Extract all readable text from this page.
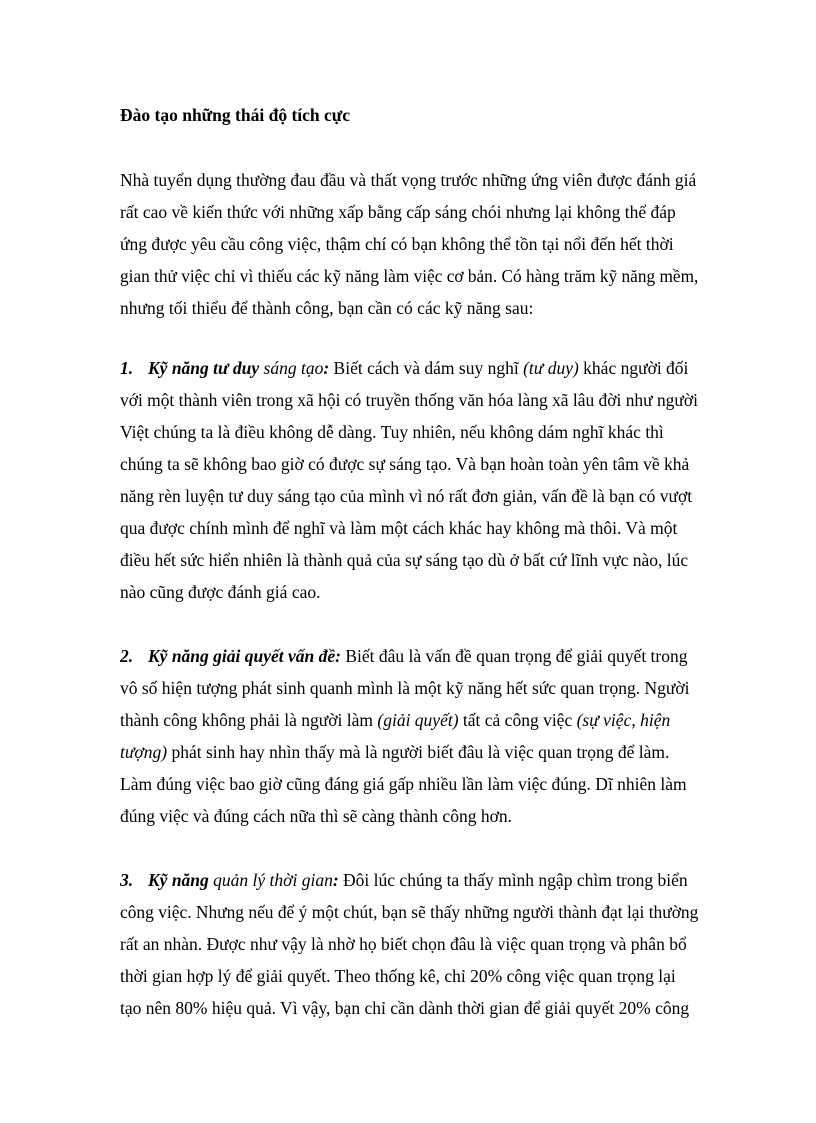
Đào tạo những thái độ tích cực
Nhà tuyển dụng thường đau đầu và thất vọng trước những ứng viên được đánh giá
rất cao về kiến thức với những xấp bằng cấp sáng chói nhưng lại không thể đáp
ứng được yêu cầu công việc, thậm chí có bạn không thể tồn tại nổi đến hết thời
gian thử việc chỉ vì thiếu các kỹ năng làm việc cơ bản. Có hàng trăm kỹ năng mềm,
nhưng tối thiểu để thành công, bạn cần có các kỹ năng sau:
1. Kỹ năng tư duy sáng tạo: Biết cách và dám suy nghĩ (tư duy) khác người đối
với một thành viên trong xã hội có truyền thống văn hóa làng xã lâu đời như người
Việt chúng ta là điều không dễ dàng. Tuy nhiên, nếu không dám nghĩ khác thì
chúng ta sẽ không bao giờ có được sự sáng tạo. Và bạn hoàn toàn yên tâm về khả
năng rèn luyện tư duy sáng tạo của mình vì nó rất đơn giản, vấn đề là bạn có vượt
qua được chính mình để nghĩ và làm một cách khác hay không mà thôi. Và một
điều hết sức hiển nhiên là thành quả của sự sáng tạo dù ở bất cứ lĩnh vực nào, lúc
nào cũng được đánh giá cao.
2. Kỹ năng giải quyết vấn đề: Biết đâu là vấn đề quan trọng để giải quyết trong
vô số hiện tượng phát sinh quanh mình là một kỹ năng hết sức quan trọng. Người
thành công không phải là người làm (giải quyết) tất cả công việc (sự việc, hiện
tượng) phát sinh hay nhìn thấy mà là người biết đâu là việc quan trọng để làm.
Làm đúng việc bao giờ cũng đáng giá gấp nhiều lần làm việc đúng. Dĩ nhiên làm
đúng việc và đúng cách nữa thì sẽ càng thành công hơn.
3. Kỹ năng quản lý thời gian: Đôi lúc chúng ta thấy mình ngập chìm trong biển
công việc. Nhưng nếu để ý một chút, bạn sẽ thấy những người thành đạt lại thường
rất an nhàn. Được như vậy là nhờ họ biết chọn đâu là việc quan trọng và phân bổ
thời gian hợp lý để giải quyết. Theo thống kê, chỉ 20% công việc quan trọng lại
tạo nên 80% hiệu quả. Vì vậy, bạn chỉ cần dành thời gian để giải quyết 20% công
